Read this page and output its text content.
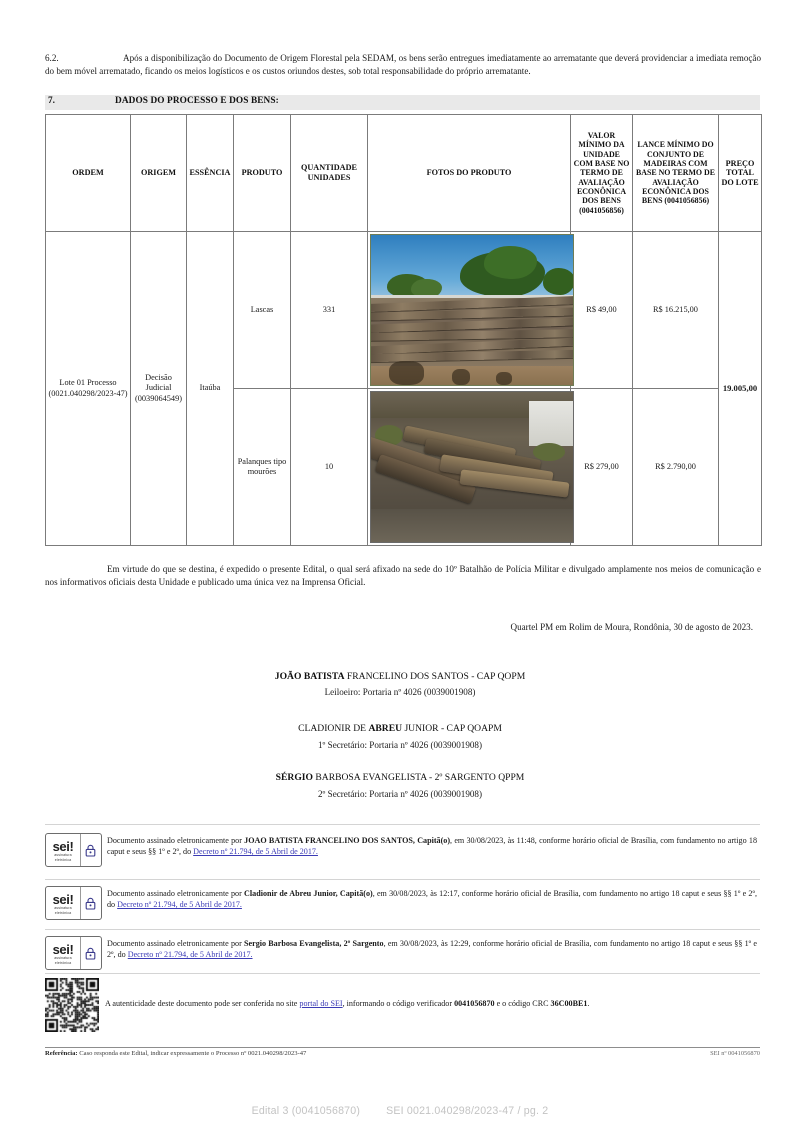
6.2.	Após a disponibilização do Documento de Origem Florestal pela SEDAM, os bens serão entregues imediatamente ao arrematante que deverá providenciar a imediata remoção do bem móvel arrematado, ficando os meios logísticos e os custos oriundos destes, sob total responsabilidade do próprio arrematante.
7.	DADOS DO PROCESSO E DOS BENS:
ORDEM	ORIGEM	ESSÊNCIA	PRODUTO	QUANTIDADE UNIDADES	FOTOS DO PRODUTO	VALOR MÍNIMO DA UNIDADE COM BASE NO TERMO DE AVALIAÇÃO ECONÔNICA DOS BENS (0041056856)	LANCE MÍNIMO DO CONJUNTO DE MADEIRAS COM BASE NO TERMO DE AVALIAÇÃO ECONÔNICA DOS BENS (0041056856)	PREÇO TOTAL DO LOTE
Lote 01 Processo (0021.040298/2023-47)	Decisão Judicial (0039064549)	Itaúba	Lascas	331		R$ 49,00	R$ 16.215,00	19.005,00
			Palanques tipo mourões	10		R$ 279,00	R$ 2.790,00	
Em virtude do que se destina, é expedido o presente Edital, o qual será afixado na sede do 10º Batalhão de Polícia Militar e divulgado amplamente nos meios de comunicação e nos informativos oficiais desta Unidade e publicado uma única vez na Imprensa Oficial.
Quartel PM em Rolim de Moura, Rondônia, 30 de agosto de 2023.
JOÃO BATISTA FRANCELINO DOS SANTOS - CAP QOPM
Leiloeiro: Portaria nº 4026 (0039001908)
CLADIONIR DE ABREU JUNIOR - CAP QOAPM
1º Secretário: Portaria nº 4026 (0039001908)
SÉRGIO BARBOSA EVANGELISTA - 2º SARGENTO QPPM
2º Secretário: Portaria nº 4026 (0039001908)
sei!
assinatura
eletrônica
Documento assinado eletronicamente por JOAO BATISTA FRANCELINO DOS SANTOS, Capitã(o), em 30/08/2023, às 11:48, conforme horário oficial de Brasília, com fundamento no artigo 18 caput e seus §§ 1º e 2º, do Decreto nº 21.794, de 5 Abril de 2017.
sei!
assinatura
eletrônica
Documento assinado eletronicamente por Cladionir de Abreu Junior, Capitã(o), em 30/08/2023, às 12:17, conforme horário oficial de Brasília, com fundamento no artigo 18 caput e seus §§ 1º e 2º, do Decreto nº 21.794, de 5 Abril de 2017.
sei!
assinatura
eletrônica
Documento assinado eletronicamente por Sergio Barbosa Evangelista, 2º Sargento, em 30/08/2023, às 12:29, conforme horário oficial de Brasília, com fundamento no artigo 18 caput e seus §§ 1º e 2º, do Decreto nº 21.794, de 5 Abril de 2017.
A autenticidade deste documento pode ser conferida no site portal do SEI, informando o código verificador 0041056870 e o código CRC 36C00BE1.
Referência: Caso responda este Edital, indicar expressamente o Processo nº 0021.040298/2023-47	SEI nº 0041056870
Edital 3 (0041056870) SEI 0021.040298/2023-47 / pg. 2
